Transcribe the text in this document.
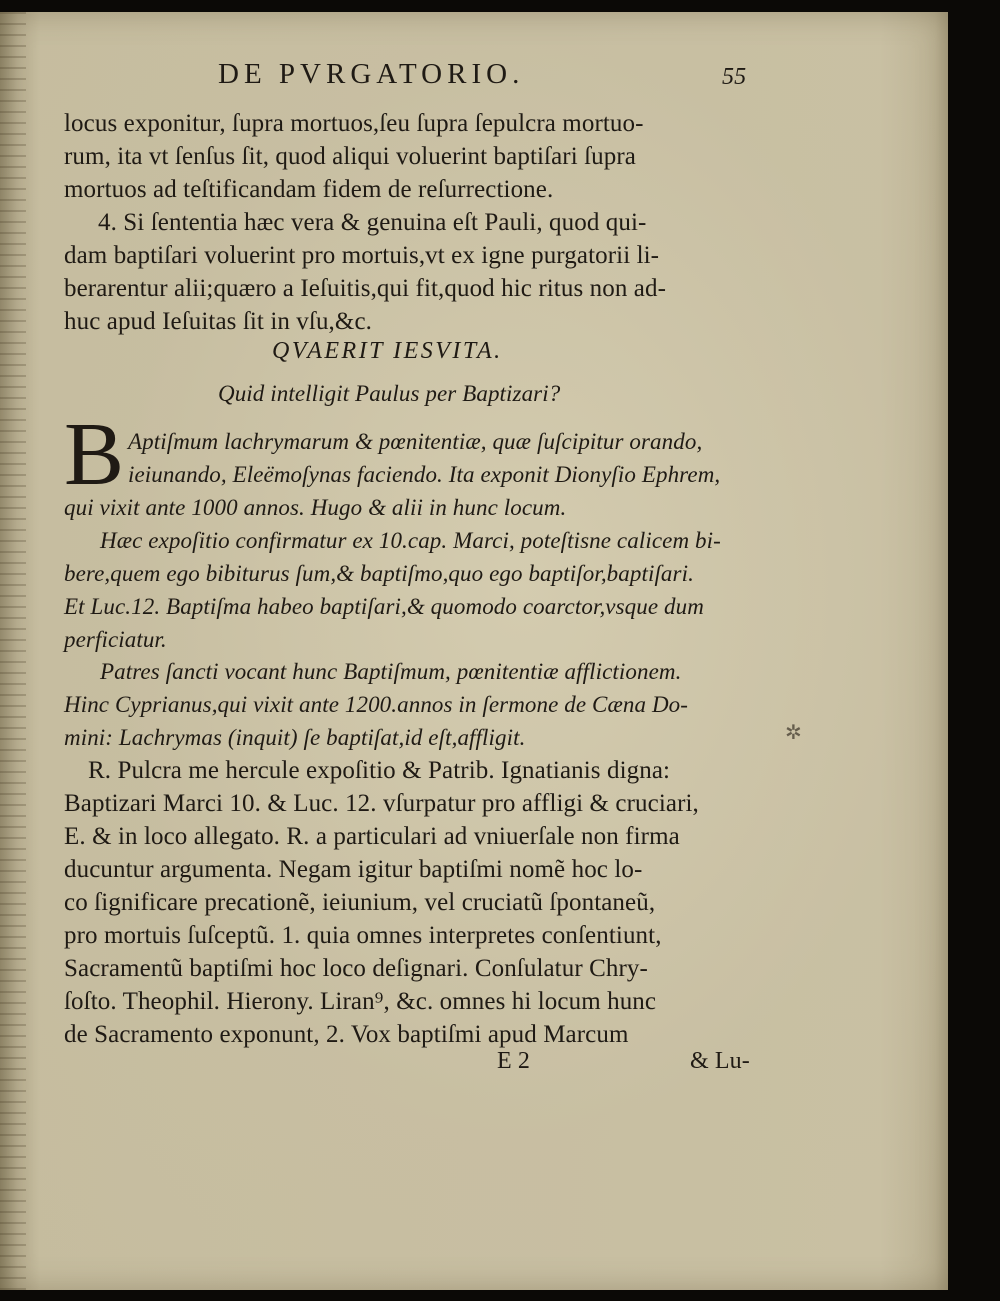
DE PVRGATORIO.	55
locus exponitur, ſupra mortuos,ſeu ſupra ſepulcra mortuo-
rum, ita vt ſenſus ſit, quod aliqui voluerint baptiſari ſupra
mortuos ad teſtificandam fidem de reſurrectione.
4. Si ſententia hæc vera & genuina eſt Pauli, quod qui-
dam baptiſari voluerint pro mortuis,vt ex igne purgatorii li-
berarentur alii;quæro a Ieſuitis,qui fit,quod hic ritus non ad-
huc apud Ieſuitas ſit in vſu,&c.
QVAERIT IESVITA.
Quid intelligit Paulus per Baptizari?
B Aptiſmum lachrymarum & pœnitentiæ, quæ ſuſcipitur orando,
ieiunando, Eleëmoſynas faciendo. Ita exponit Dionyſio Ephrem,
qui vixit ante 1000 annos. Hugo & alii in hunc locum.
Hæc expoſitio confirmatur ex 10.cap. Marci, poteſtisne calicem bi-
bere,quem ego bibiturus ſum,& baptiſmo,quo ego baptiſor,baptiſari.
Et Luc.12. Baptiſma habeo baptiſari,& quomodo coarctor,vsque dum
perficiatur.
Patres ſancti vocant hunc Baptiſmum, pœnitentiæ afflictionem.
Hinc Cyprianus,qui vixit ante 1200.annos in ſermone de Cæna Do-
mini: Lachrymas (inquit) ſe baptiſat,id eſt,affligit.
R. Pulcra me hercule expoſitio & Patrib. Ignatianis digna:
Baptizari Marci 10. & Luc. 12. vſurpatur pro affligi & cruciari,
E. & in loco allegato. R. a particulari ad vniuerſale non firma
ducuntur argumenta. Negam igitur baptiſmi nomẽ hoc lo-
co ſignificare precationẽ, ieiunium, vel cruciatũ ſpontaneũ,
pro mortuis ſuſceptũ. 1. quia omnes interpretes conſentiunt,
Sacramentũ baptiſmi hoc loco deſignari. Conſulatur Chry-
ſoſto. Theophil. Hierony. Liran⁹, &c. omnes hi locum hunc
de Sacramento exponunt, 2. Vox baptiſmi apud Marcum
E 2	& Lu-
✲
